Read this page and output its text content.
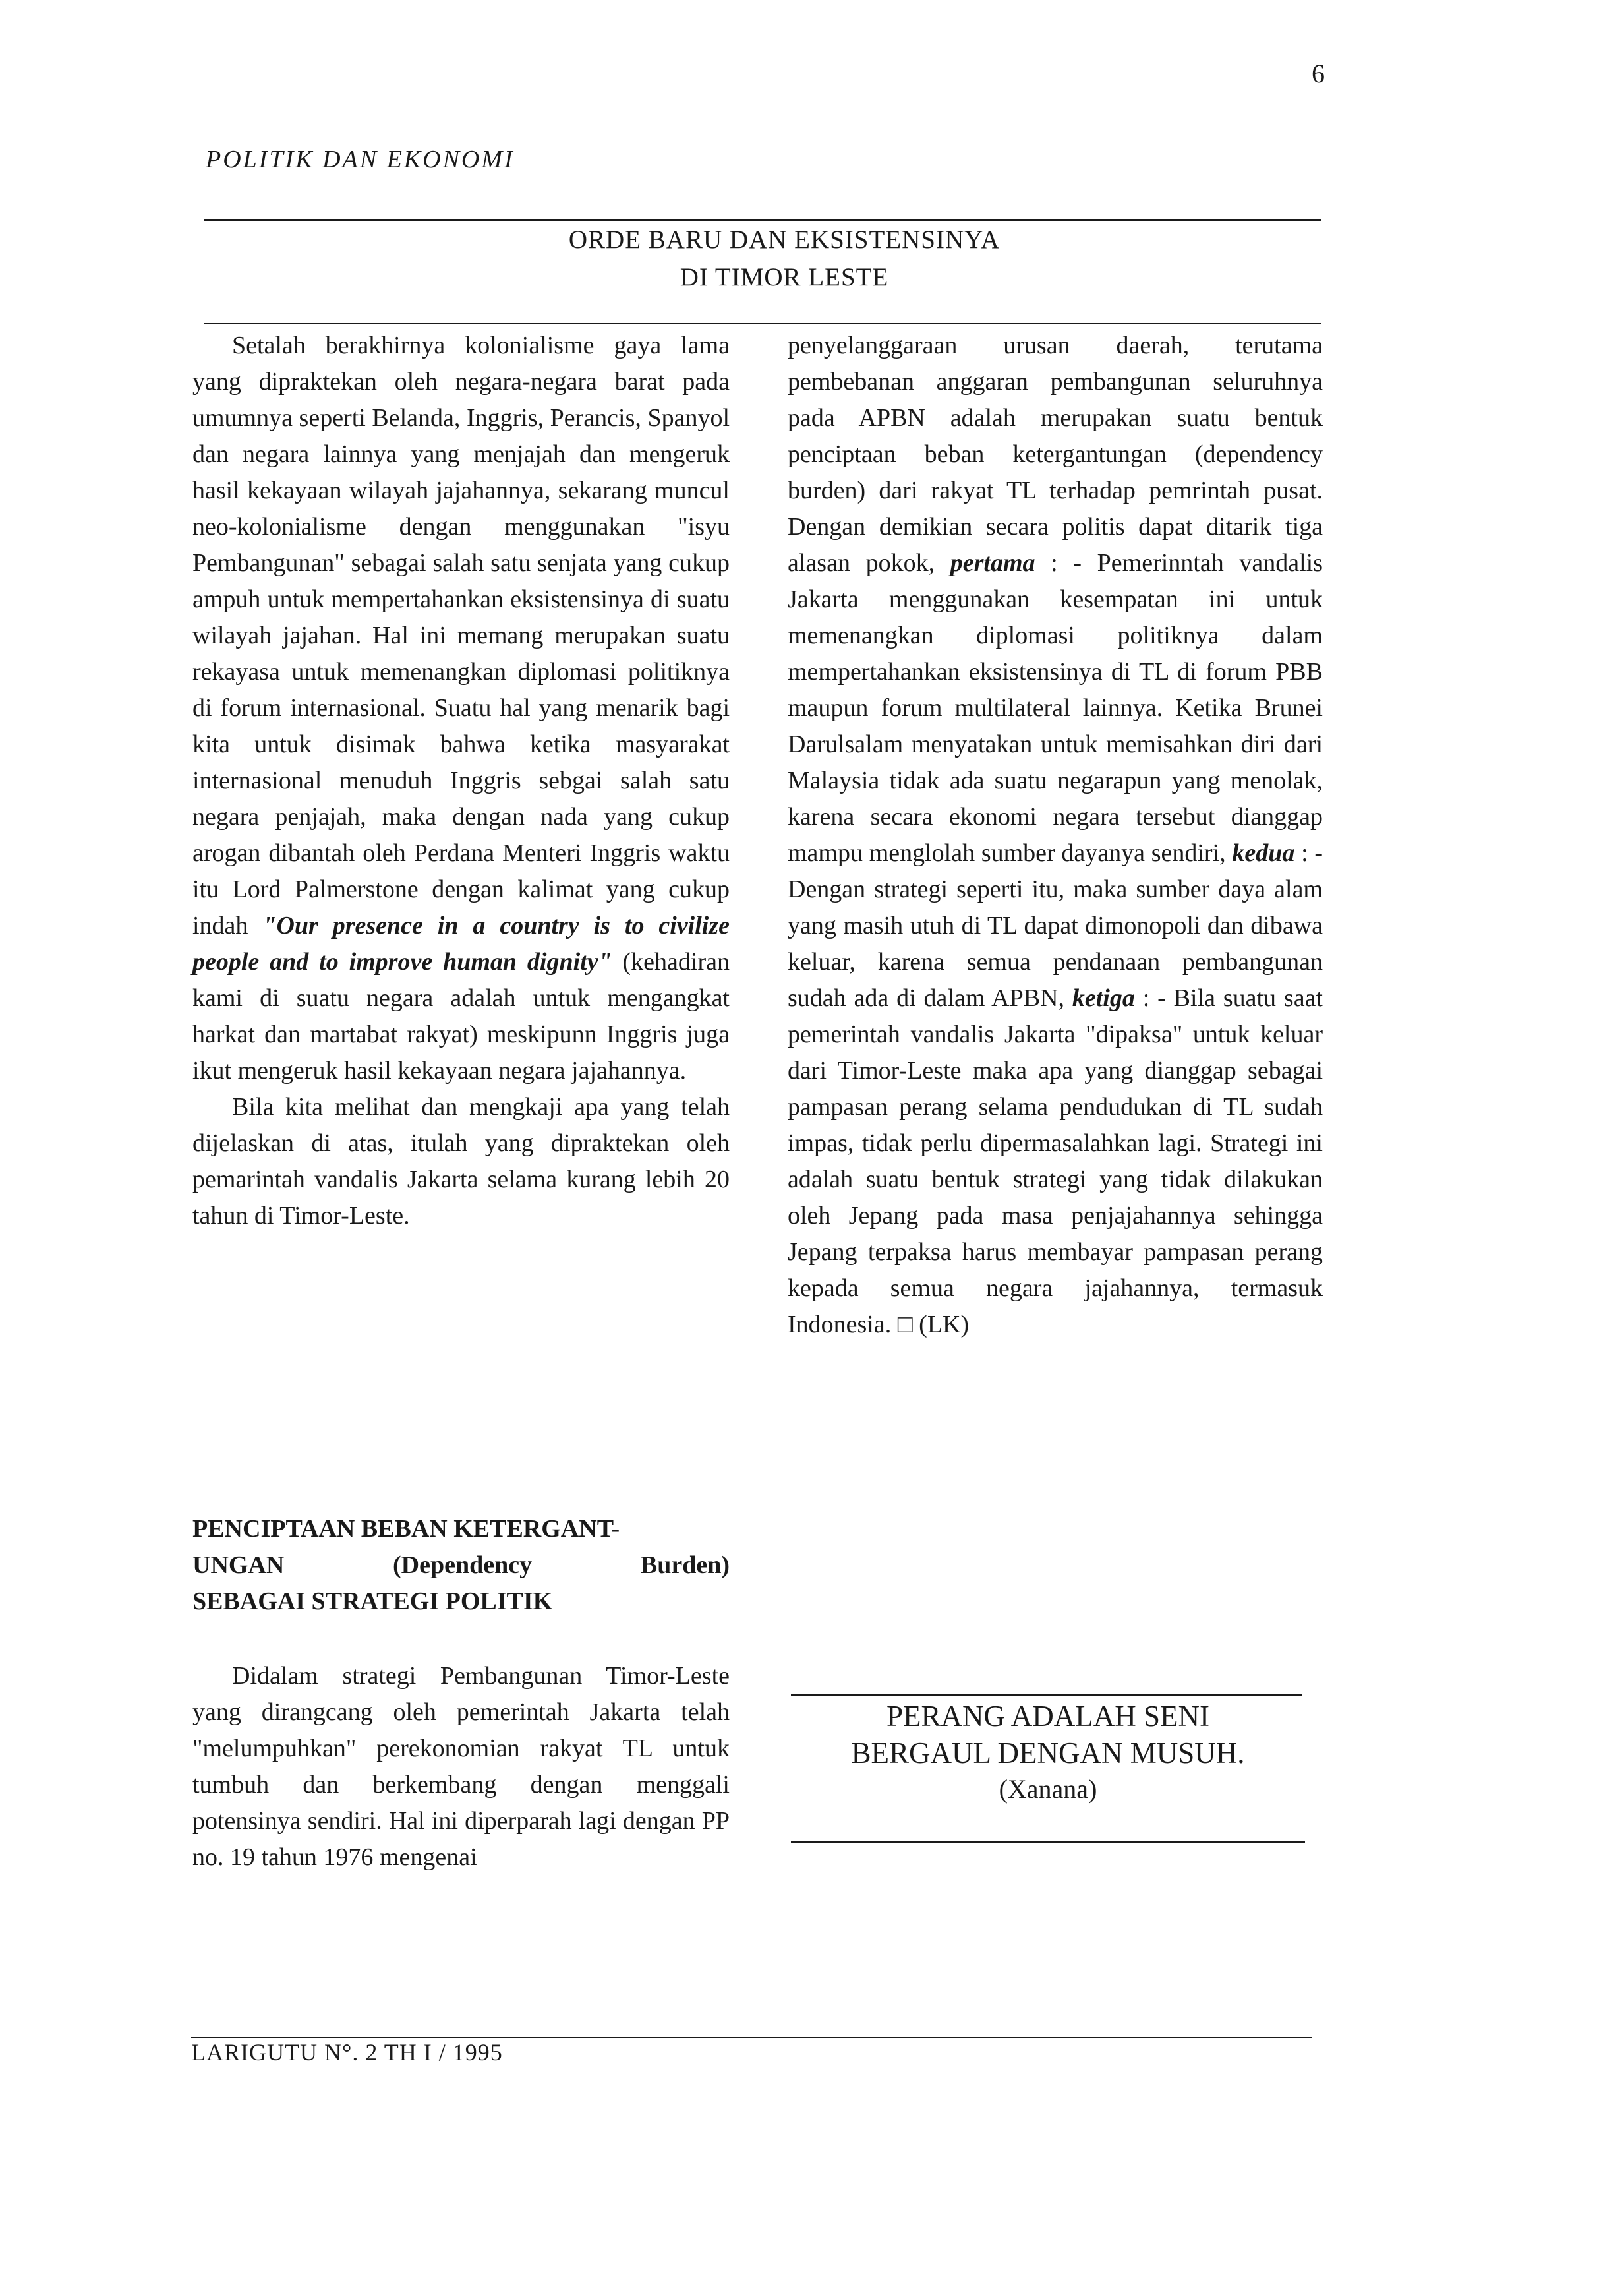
6
POLITIK DAN EKONOMI
ORDE BARU DAN EKSISTENSINYA
DI TIMOR LESTE

Setalah berakhirnya kolonialisme gaya lama yang dipraktekan oleh negara-negara barat pada umumnya seperti Belanda, Inggris, Perancis, Spanyol dan negara lainnya yang menjajah dan mengeruk hasil kekayaan wilayah jajahannya, sekarang muncul neo-kolonialisme dengan menggunakan "isyu Pembangunan" sebagai salah satu senjata yang cukup ampuh untuk mempertahankan eksistensinya di suatu wilayah jajahan. Hal ini memang merupakan suatu rekayasa untuk memenangkan diplomasi politiknya di forum internasional. Suatu hal yang menarik bagi kita untuk disimak bahwa ketika masyarakat internasional menuduh Inggris sebgai salah satu negara penjajah, maka dengan nada yang cukup arogan dibantah oleh Perdana Menteri Inggris waktu itu Lord Palmerstone dengan kalimat yang cukup indah "Our presence in a country is to civilize people and to improve human dignity" (kehadiran kami di suatu negara adalah untuk mengangkat harkat dan martabat rakyat) meskipunn Inggris juga ikut mengeruk hasil kekayaan negara jajahannya.

Bila kita melihat dan mengkaji apa yang telah dijelaskan di atas, itulah yang dipraktekan oleh pemarintah vandalis Jakarta selama kurang lebih 20 tahun di Timor-Leste.

PENCIPTAAN BEBAN KETERGANT-
UNGAN	(Dependency	Burden)
SEBAGAI STRATEGI POLITIK

Didalam strategi Pembangunan Timor-Leste yang dirangcang oleh pemerintah Jakarta telah "melumpuhkan" perekonomian rakyat TL untuk tumbuh dan berkembang dengan menggali potensinya sendiri. Hal ini diperparah lagi dengan PP no. 19 tahun 1976 mengenai

penyelanggaraan urusan daerah, terutama pembebanan anggaran pembangunan seluruhnya pada APBN adalah merupakan suatu bentuk penciptaan beban ketergantungan (dependency burden) dari rakyat TL terhadap pemrintah pusat. Dengan demikian secara politis dapat ditarik tiga alasan pokok, pertama : - Pemerinntah vandalis Jakarta menggunakan kesempatan ini untuk memenangkan diplomasi politiknya dalam mempertahankan eksistensinya di TL di forum PBB maupun forum multilateral lainnya. Ketika Brunei Darulsalam menyatakan untuk memisahkan diri dari Malaysia tidak ada suatu negarapun yang menolak, karena secara ekonomi negara tersebut dianggap mampu menglolah sumber dayanya sendiri, kedua : - Dengan strategi seperti itu, maka sumber daya alam yang masih utuh di TL dapat dimonopoli dan dibawa keluar, karena semua pendanaan pembangunan sudah ada di dalam APBN, ketiga : - Bila suatu saat pemerintah vandalis Jakarta "dipaksa" untuk keluar dari Timor-Leste maka apa yang dianggap sebagai pampasan perang selama pendudukan di TL sudah impas, tidak perlu dipermasalahkan lagi. Strategi ini adalah suatu bentuk strategi yang tidak dilakukan oleh Jepang pada masa penjajahannya sehingga Jepang terpaksa harus membayar pampasan perang kepada semua negara jajahannya, termasuk Indonesia. □ (LK)

PERANG ADALAH SENI
BERGAUL DENGAN MUSUH.
(Xanana)
LARIGUTU N°. 2 TH I / 1995
